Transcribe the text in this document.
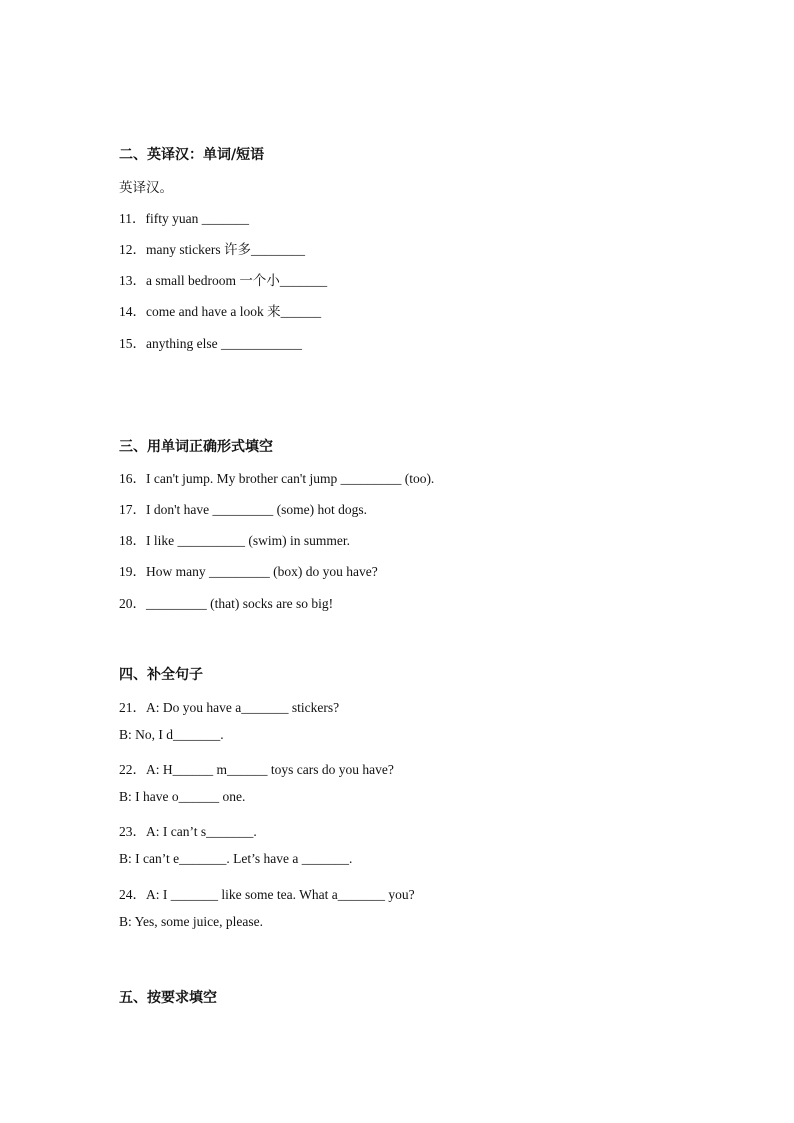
二、英译汉：单词/短语
英译汉。
11．fifty yuan _______
12．many stickers 许多________
13．a small bedroom 一个小_______
14．come and have a look 来______
15．anything else ____________
三、用单词正确形式填空
16．I can't jump. My brother can't jump _________ (too).
17．I don't have _________ (some) hot dogs.
18．I like __________ (swim) in summer.
19．How many _________ (box) do you have?
20．_________ (that) socks are so big!
四、补全句子
21．A: Do you have a_______ stickers?
B: No, I d_______.
22．A: H______ m______ toys cars do you have?
B: I have o______ one.
23．A: I can’t s_______.
B: I can’t e_______. Let’s have a _______.
24．A: I _______ like some tea. What a_______ you?
B: Yes, some juice, please.
五、按要求填空
